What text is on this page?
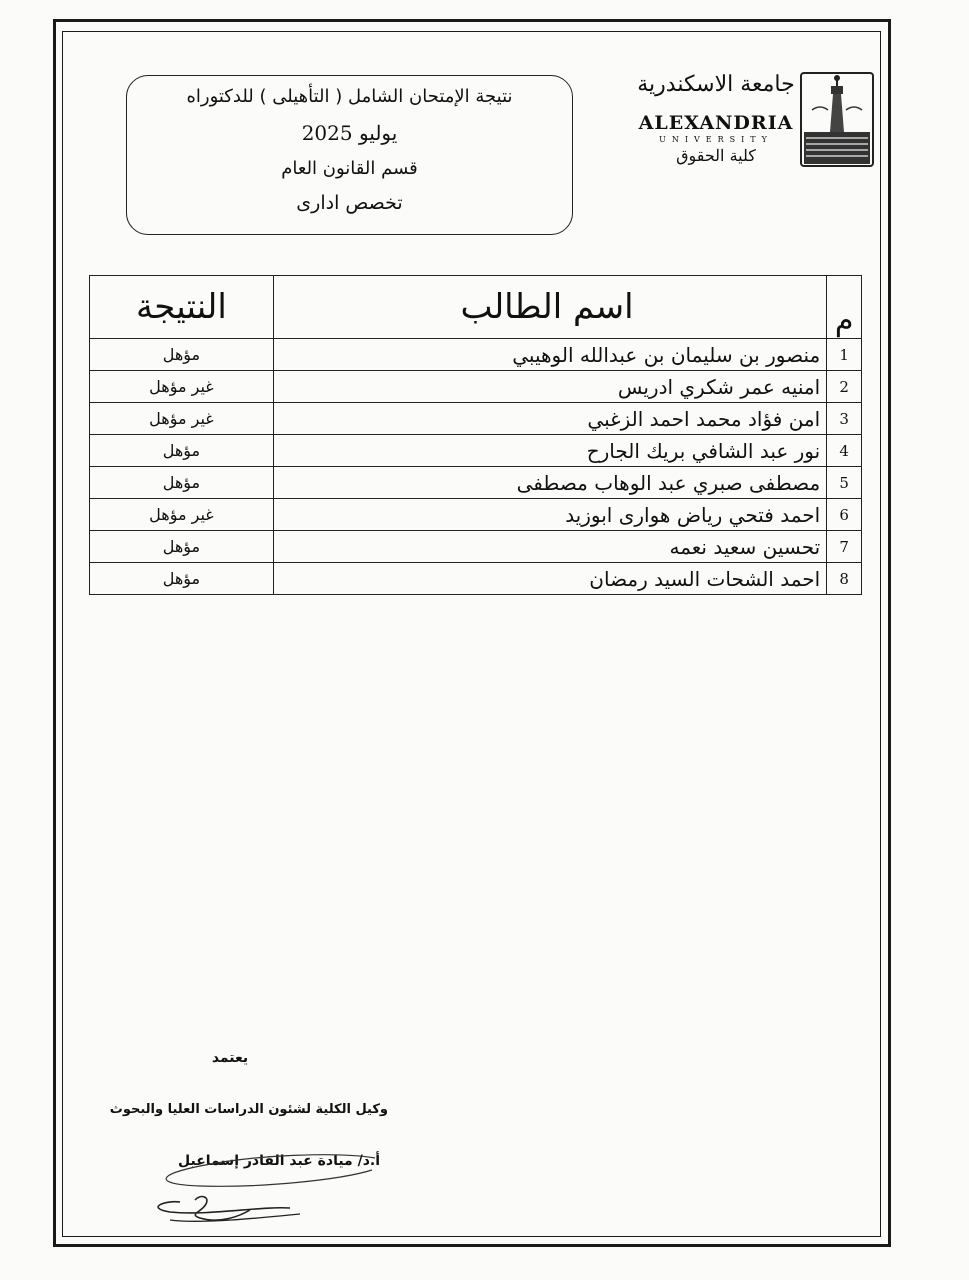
نتيجة الإمتحان الشامل ( التأهيلى ) للدكتوراه
يوليو 2025
قسم القانون العام
تخصص ادارى
جامعة الاسكندرية
ALEXANDRIA
UNIVERSITY
كلية الحقوق
م	اسم الطالب	النتيجة
1	منصور بن سليمان بن عبدالله الوهيبي	مؤهل
2	امنيه عمر شكري ادريس	غير مؤهل
3	امن فؤاد محمد احمد الزغبي	غير مؤهل
4	نور عبد الشافي بريك الجارح	مؤهل
5	مصطفى صبري عبد الوهاب مصطفى	مؤهل
6	احمد فتحي رياض هوارى ابوزيد	غير مؤهل
7	تحسين سعيد نعمه	مؤهل
8	احمد الشحات السيد رمضان	مؤهل
يعتمد
وكيل الكلية لشئون الدراسات العليا والبحوث
أ.د/ ميادة عبد القادر إسماعيل
